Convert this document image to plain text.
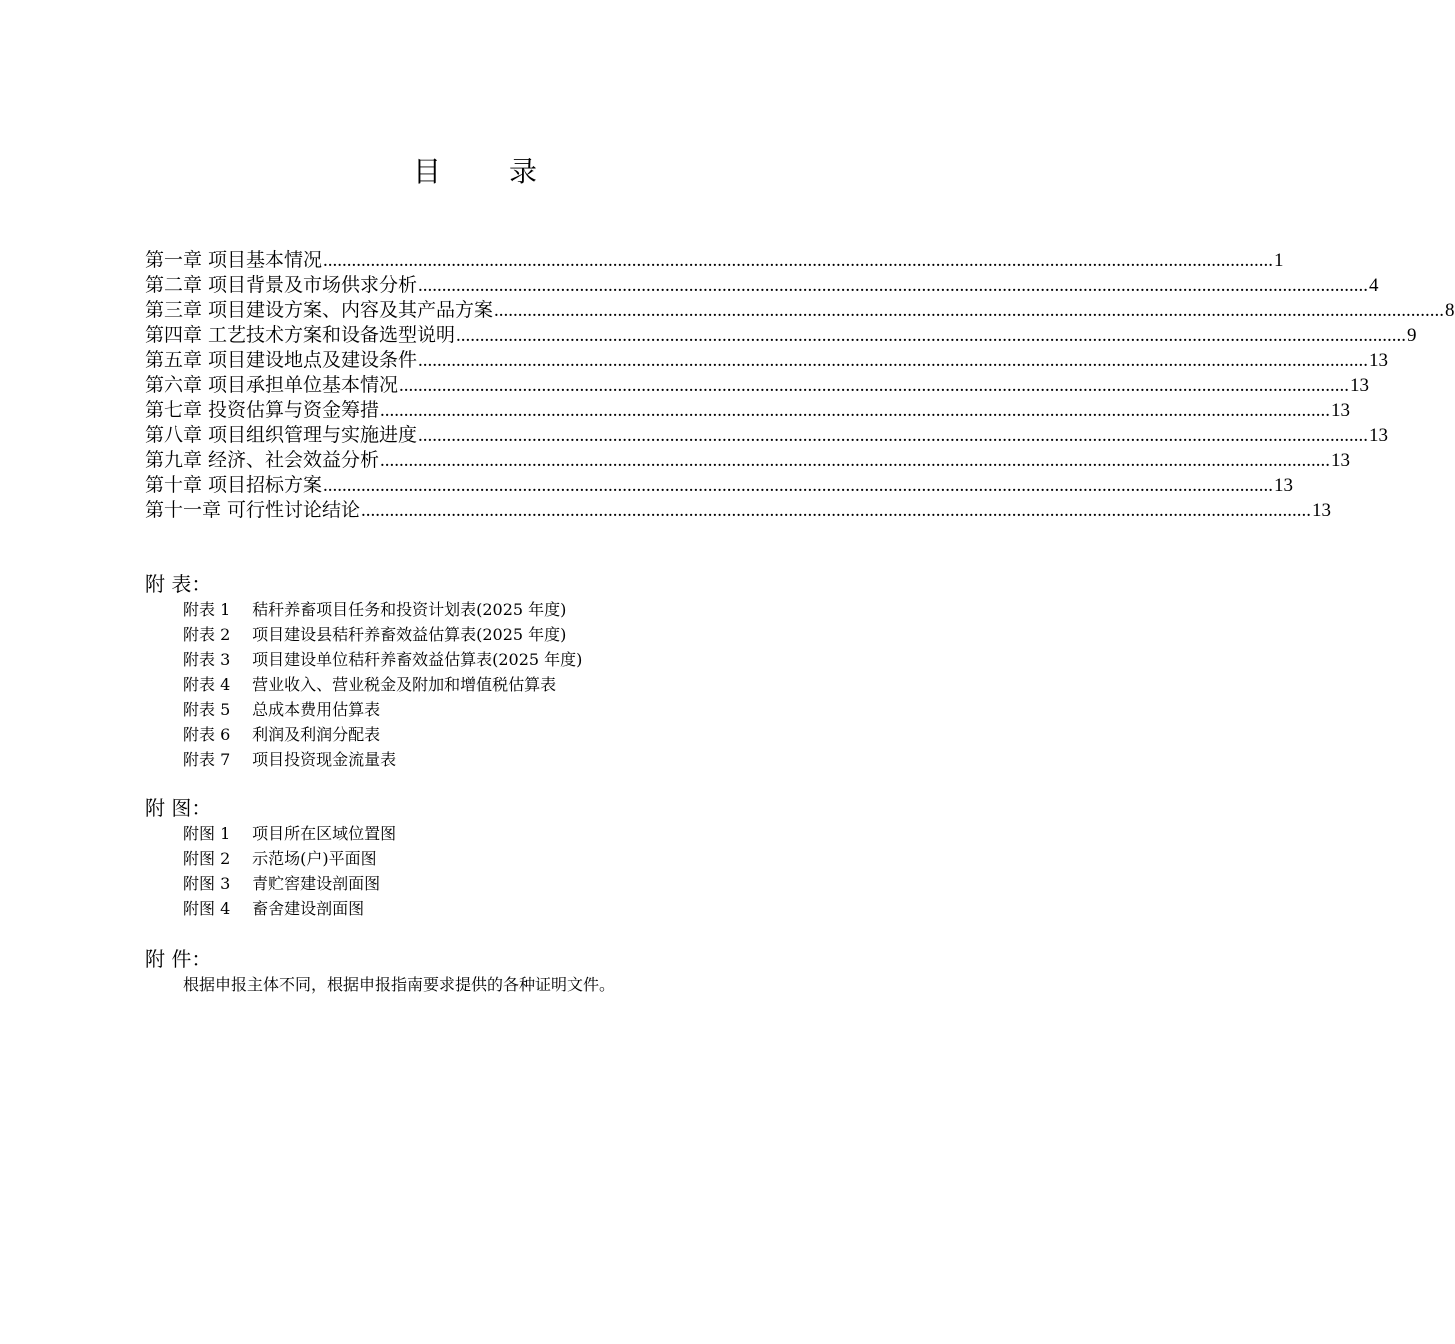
目　录
第一章 项目基本情况 ........................................................................................................................................................................................................ 1
第二章 项目背景及市场供求分析 ........................................................................................................................................................................................................ 4
第三章 项目建设方案、内容及其产品方案 ........................................................................................................................................................................................................ 8
第四章 工艺技术方案和设备选型说明 ........................................................................................................................................................................................................ 9
第五章 项目建设地点及建设条件 ........................................................................................................................................................................................................ 13
第六章 项目承担单位基本情况 ........................................................................................................................................................................................................ 13
第七章 投资估算与资金筹措 ........................................................................................................................................................................................................ 13
第八章 项目组织管理与实施进度 ........................................................................................................................................................................................................ 13
第九章 经济、社会效益分析 ........................................................................................................................................................................................................ 13
第十章 项目招标方案 ........................................................................................................................................................................................................ 13
第十一章 可行性讨论结论 ........................................................................................................................................................................................................ 13
附 表：
附表 1 秸秆养畜项目任务和投资计划表(2025 年度)
附表 2 项目建设县秸秆养畜效益估算表(2025 年度)
附表 3 项目建设单位秸秆养畜效益估算表(2025 年度)
附表 4 营业收入、营业税金及附加和增值税估算表
附表 5 总成本费用估算表
附表 6 利润及利润分配表
附表 7 项目投资现金流量表
附 图：
附图 1 项目所在区域位置图
附图 2 示范场(户)平面图
附图 3 青贮窖建设剖面图
附图 4 畜舍建设剖面图
附 件：
根据申报主体不同，根据申报指南要求提供的各种证明文件。
